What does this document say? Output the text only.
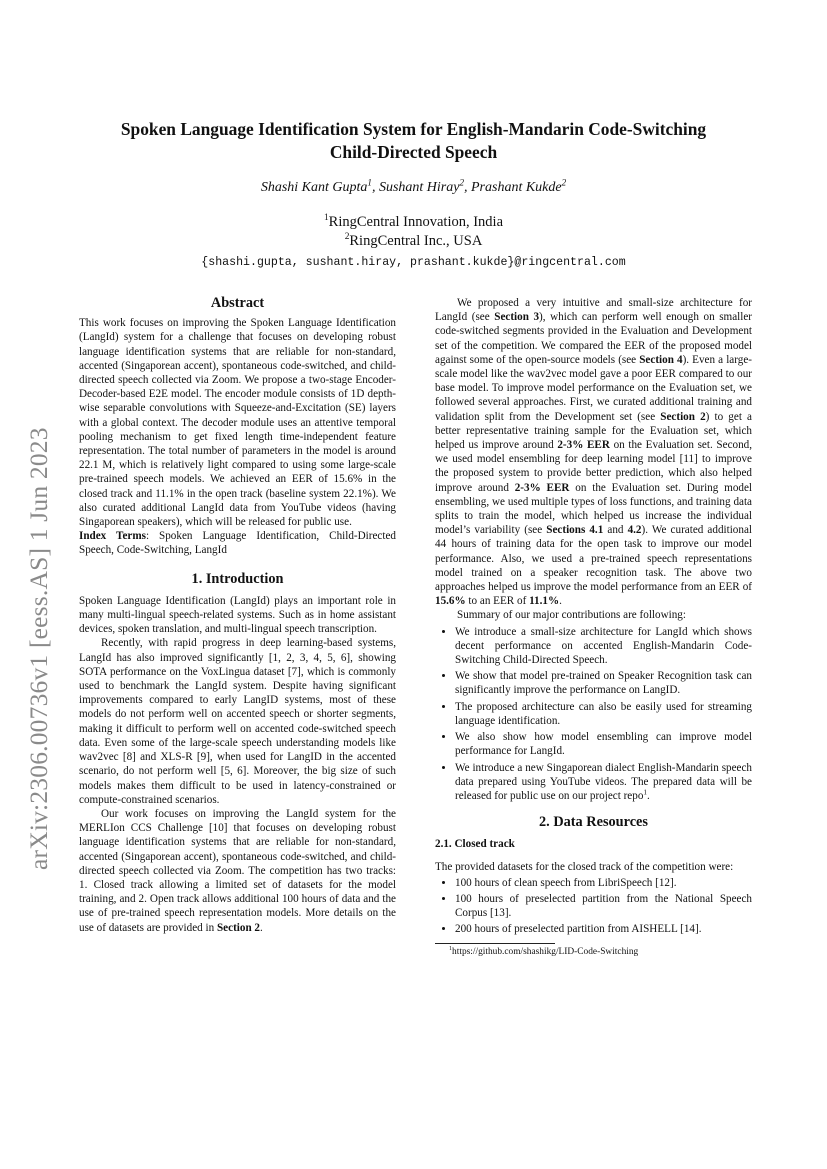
arXiv:2306.00736v1 [eess.AS] 1 Jun 2023
Spoken Language Identification System for English-Mandarin Code-Switching
Child-Directed Speech
Shashi Kant Gupta$^1$, Sushant Hiray$^2$, Prashant Kukde$^2$
$^1$RingCentral Innovation, India
$^2$RingCentral Inc., USA
{shashi.gupta, sushant.hiray, prashant.kukde}@ringcentral.com

Abstract

This work focuses on improving the Spoken Language Identification (LangId) system for a challenge that focuses on developing robust language identification systems that are reliable for non-standard, accented (Singaporean accent), spontaneous code-switched, and child-directed speech collected via Zoom. We propose a two-stage Encoder-Decoder-based E2E model. The encoder module consists of 1D depth-wise separable convolutions with Squeeze-and-Excitation (SE) layers with a global context. The decoder module uses an attentive temporal pooling mechanism to get fixed length time-independent feature representation. The total number of parameters in the model is around 22.1 M, which is relatively light compared to using some large-scale pre-trained speech models. We achieved an EER of 15.6% in the closed track and 11.1% in the open track (baseline system 22.1%). We also curated additional LangId data from YouTube videos (having Singaporean speakers), which will be released for public use.

Index Terms: Spoken Language Identification, Child-Directed Speech, Code-Switching, LangId

1. Introduction

Spoken Language Identification (LangId) plays an important role in many multi-lingual speech-related systems. Such as in home assistant devices, spoken translation, and multi-lingual speech transcription.

Recently, with rapid progress in deep learning-based systems, LangId has also improved significantly [1, 2, 3, 4, 5, 6], showing SOTA performance on the VoxLingua dataset [7], which is commonly used to benchmark the LangId system. Despite having significant improvements compared to early LangID systems, most of these models do not perform well on accented speech or shorter segments, making it difficult to perform well on accented code-switched speech data. Even some of the large-scale speech understanding models like wav2vec [8] and XLS-R [9], when used for LangID in the accented scenario, do not perform well [5, 6]. Moreover, the big size of such models makes them difficult to be used in latency-constrained or compute-constrained scenarios.

Our work focuses on improving the LangId system for the MERLIon CCS Challenge [10] that focuses on developing robust language identification systems that are reliable for non-standard, accented (Singaporean accent), spontaneous code-switched, and child-directed speech collected via Zoom. The competition has two tracks: 1. Closed track allowing a limited set of datasets for the model training, and 2. Open track allows additional 100 hours of data and the use of pre-trained speech representation models. More details on the use of datasets are provided in Section 2.

We proposed a very intuitive and small-size architecture for LangId (see Section 3), which can perform well enough on smaller code-switched segments provided in the Evaluation and Development set of the competition. We compared the EER of the proposed model against some of the open-source models (see Section 4). Even a large-scale model like the wav2vec model gave a poor EER compared to our base model. To improve model performance on the Evaluation set, we followed several approaches. First, we curated additional training and validation split from the Development set (see Section 2) to get a better representative training sample for the Evaluation set, which helped us improve around 2-3% EER on the Evaluation set. Second, we used model ensembling for deep learning model [11] to improve the proposed system to provide better prediction, which also helped improve around 2-3% EER on the Evaluation set. During model ensembling, we used multiple types of loss functions, and training data splits to train the model, which helped us increase the individual model’s variability (see Sections 4.1 and 4.2). We curated additional 44 hours of training data for the open task to improve our model performance. Also, we used a pre-trained speech representations model trained on a speaker recognition task. The above two approaches helped us improve the model performance from an EER of 15.6% to an EER of 11.1%.

Summary of our major contributions are following:

• We introduce a small-size architecture for LangId which shows decent performance on accented English-Mandarin Code-Switching Child-Directed Speech.
• We show that model pre-trained on Speaker Recognition task can significantly improve the performance on LangID.
• The proposed architecture can also be easily used for streaming language identification.
• We also show how model ensembling can improve model performance for LangId.
• We introduce a new Singaporean dialect English-Mandarin speech data prepared using YouTube videos. The prepared data will be released for public use on our project repo$^1$.

2. Data Resources

2.1. Closed track

The provided datasets for the closed track of the competition were:

• 100 hours of clean speech from LibriSpeech [12].
• 100 hours of preselected partition from the National Speech Corpus [13].
• 200 hours of preselected partition from AISHELL [14].
$^1$https://github.com/shashikg/LID-Code-Switching
